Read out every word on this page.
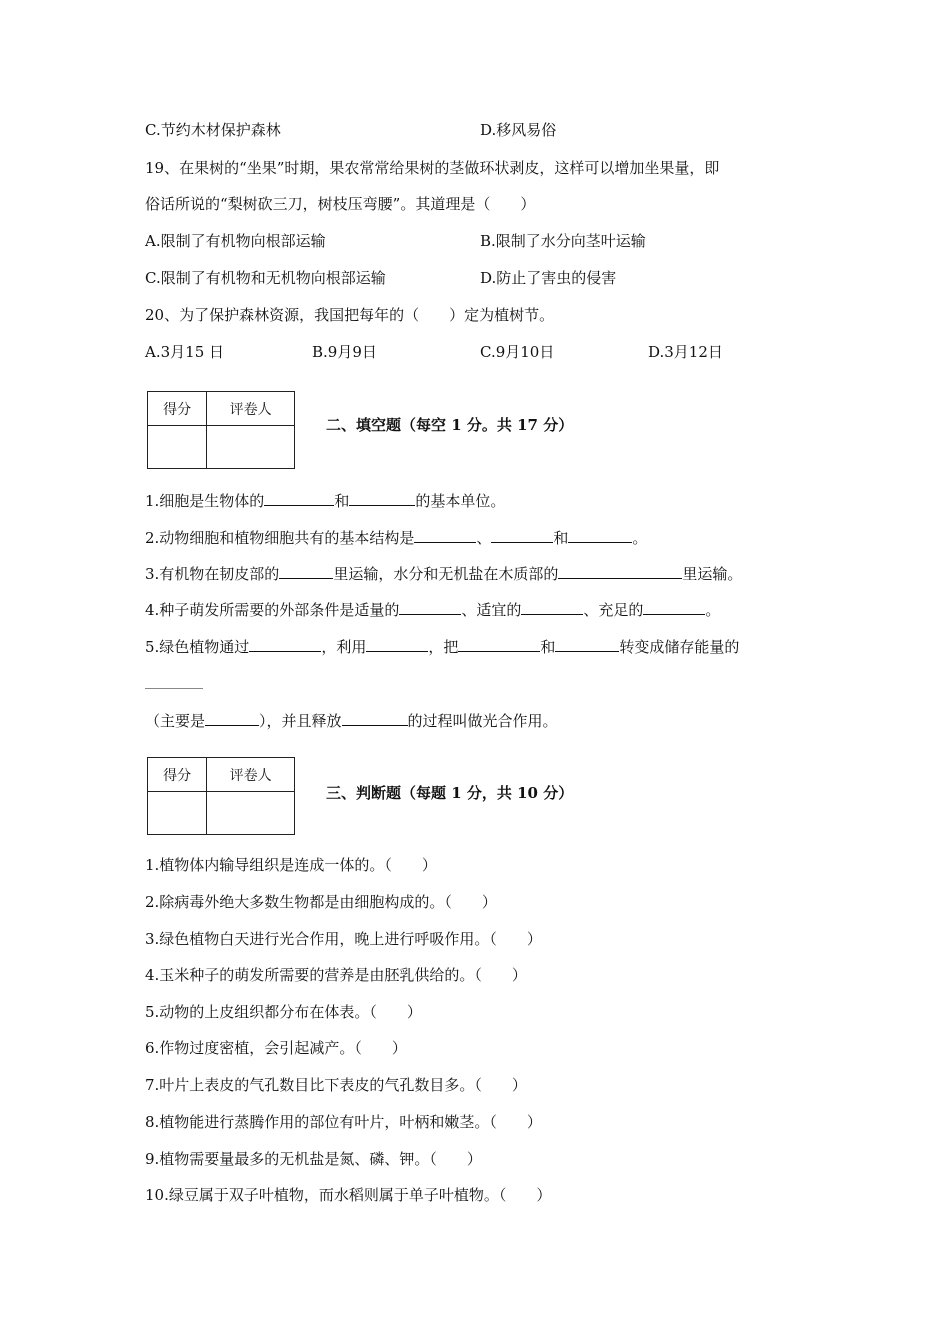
C.节约木材保护森林	D.移风易俗
19、在果树的“坐果”时期，果农常常给果树的茎做环状剥皮，这样可以增加坐果量，即
俗话所说的“梨树砍三刀，树枝压弯腰”。其道理是（　　）
A.限制了有机物向根部运输	B.限制了水分向茎叶运输
C.限制了有机物和无机物向根部运输	D.防止了害虫的侵害
20、为了保护森林资源，我国把每年的（　　）定为植树节。
A.3月15 日	B.9月9日	C.9月10日	D.3月12日
得分	评卷人

二、填空题（每空 1 分。共 17 分）
1.细胞是生物体的	和	的基本单位。
2.动物细胞和植物细胞共有的基本结构是	、	和	。
3.有机物在韧皮部的	里运输，水分和无机盐在木质部的	里运输。
4.种子萌发所需要的外部条件是适量的	、适宜的	、充足的	。
5.绿色植物通过	，利用	，把	和	转变成储存能量的
（主要是	），并且释放	的过程叫做光合作用。
得分	评卷人

三、判断题（每题 1 分，共 10 分）
1.植物体内输导组织是连成一体的。（　　）
2.除病毒外绝大多数生物都是由细胞构成的。（　　）
3.绿色植物白天进行光合作用，晚上进行呼吸作用。（　　）
4.玉米种子的萌发所需要的营养是由胚乳供给的。（　　）
5.动物的上皮组织都分布在体表。（　　）
6.作物过度密植，会引起减产。（　　）
7.叶片上表皮的气孔数目比下表皮的气孔数目多。（　　）
8.植物能进行蒸腾作用的部位有叶片，叶柄和嫩茎。（　　）
9.植物需要量最多的无机盐是氮、磷、钾。（　　）
10.绿豆属于双子叶植物，而水稻则属于单子叶植物。（　　）
